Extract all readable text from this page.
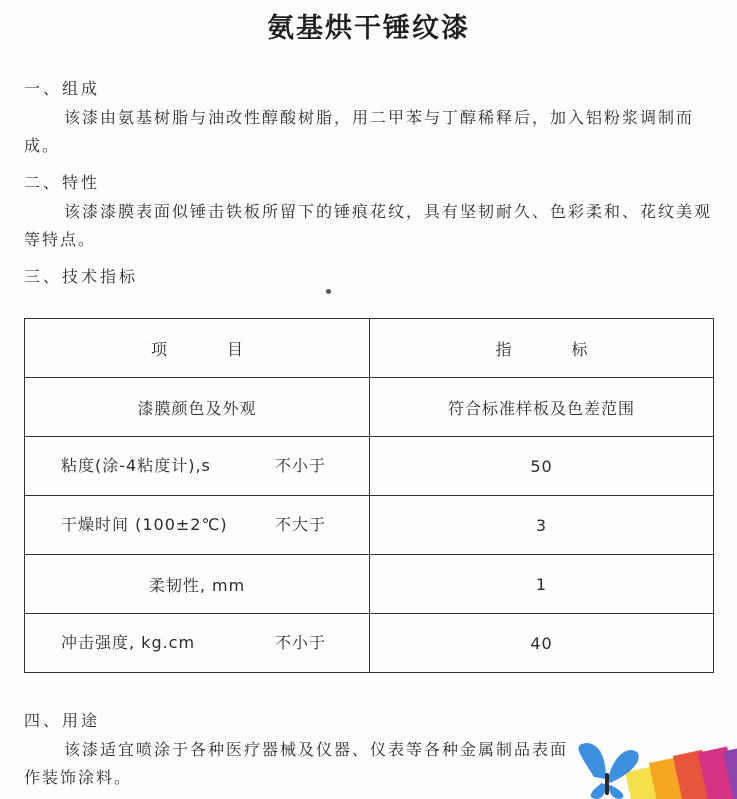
氨基烘干锤纹漆
一、组成
该漆由氨基树脂与油改性醇酸树脂，用二甲苯与丁醇稀释后，加入铝粉浆调制而成。
二、特性
该漆漆膜表面似锤击铁板所留下的锤痕花纹，具有坚韧耐久、色彩柔和、花纹美观等特点。
三、技术指标
项目	指标
漆膜颜色及外观	符合标准样板及色差范围

粘度(涂-4粘度计),s 不小于	50

干燥时间 (100±2℃) 不大于	3
柔韧性, mm	1

冲击强度, kg.cm 不小于	40
四、用途
该漆适宜喷涂于各种医疗器械及仪器、仪表等各种金属制品表面作装饰涂料。
